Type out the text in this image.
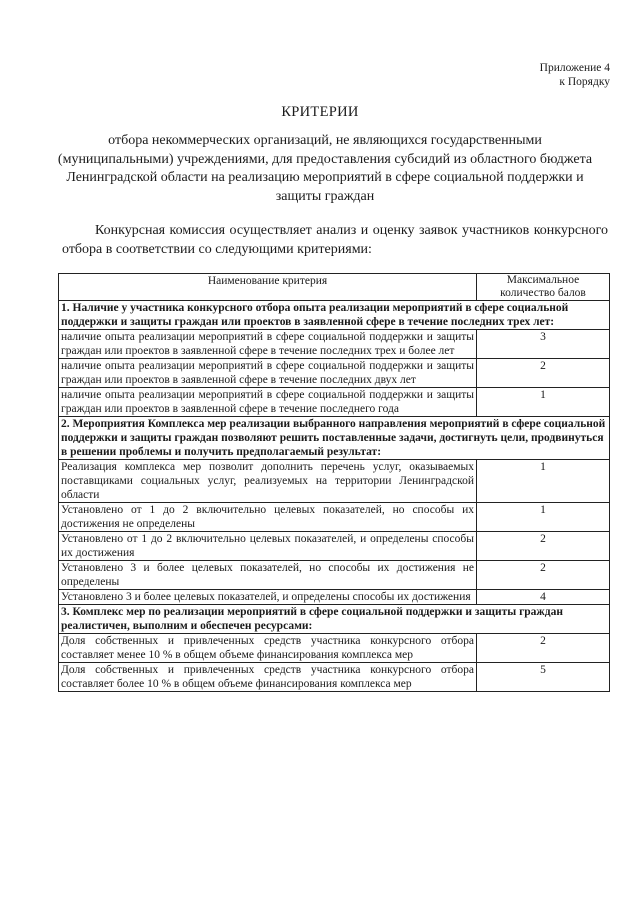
Приложение 4
к Порядку
КРИТЕРИИ
отбора некоммерческих организаций, не являющихся государственными (муниципальными) учреждениями, для предоставления субсидий из областного бюджета Ленинградской области на реализацию мероприятий в сфере социальной поддержки и защиты граждан
Конкурсная комиссия осуществляет анализ и оценку заявок участников конкурсного отбора в соответствии со следующими критериями:
Наименование критерия	Максимальное количество балов
1. Наличие у участника конкурсного отбора опыта реализации мероприятий в сфере социальной поддержки и защиты граждан или проектов в заявленной сфере в течение последних трех лет:	
наличие опыта реализации мероприятий в сфере социальной поддержки и защиты граждан или проектов в заявленной сфере в течение последних трех и более лет	3
наличие опыта реализации мероприятий в сфере социальной поддержки и защиты граждан или проектов в заявленной сфере в течение последних двух лет	2
наличие опыта реализации мероприятий в сфере социальной поддержки и защиты граждан или проектов в заявленной сфере в течение последнего года	1
2. Мероприятия Комплекса мер реализации выбранного направления мероприятий в сфере социальной поддержки и защиты граждан позволяют решить поставленные задачи, достигнуть цели, продвинуться в решении проблемы и получить предполагаемый результат:	
Реализация комплекса мер позволит дополнить перечень услуг, оказываемых поставщиками социальных услуг, реализуемых на территории Ленинградской области	1
Установлено от 1 до 2 включительно целевых показателей, но способы их достижения не определены	1
Установлено от 1 до 2 включительно целевых показателей, и определены способы их достижения	2
Установлено 3 и более целевых показателей, но способы их достижения не определены	2
Установлено 3 и более целевых показателей, и определены способы их достижения	4
3. Комплекс мер по реализации мероприятий в сфере социальной поддержки и защиты граждан реалистичен, выполним и обеспечен ресурсами:	
Доля собственных и привлеченных средств участника конкурсного отбора составляет менее 10 % в общем объеме финансирования комплекса мер	2
Доля собственных и привлеченных средств участника конкурсного отбора составляет более 10 % в общем объеме финансирования комплекса мер	5
